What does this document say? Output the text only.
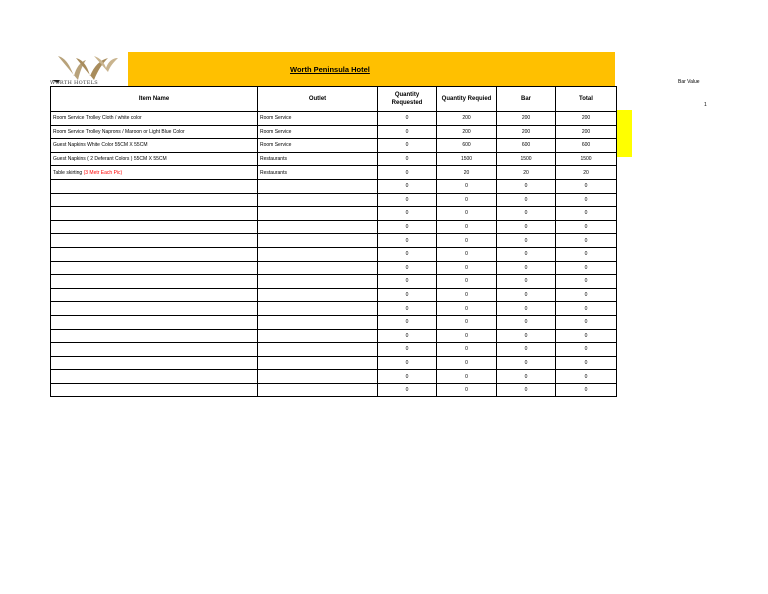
WORTH HOTELS
Worth Peninsula Hotel
Bar Value
1
Item Name	Outlet	Quantity Requested	Quantity Requied	Bar	Total
Room Service Trolley Cloth / white color	Room Service	0	200	200	200
Room Service Trolley Naprons / Maroon or Light Blue Color	Room Service	0	200	200	200
Guest Napkins White Color 55CM X 55CM	Room Service	0	600	600	600
Guest Napkins ( 2 Deferant Colors ) 55CM X 55CM	Restaurants	0	1500	1500	1500
Table skirting (3 Metr Each Pic)	Restaurants	0	20	20	20
		0	0	0	0
		0	0	0	0
		0	0	0	0
		0	0	0	0
		0	0	0	0
		0	0	0	0
		0	0	0	0
		0	0	0	0
		0	0	0	0
		0	0	0	0
		0	0	0	0
		0	0	0	0
		0	0	0	0
		0	0	0	0
		0	0	0	0
		0	0	0	0
